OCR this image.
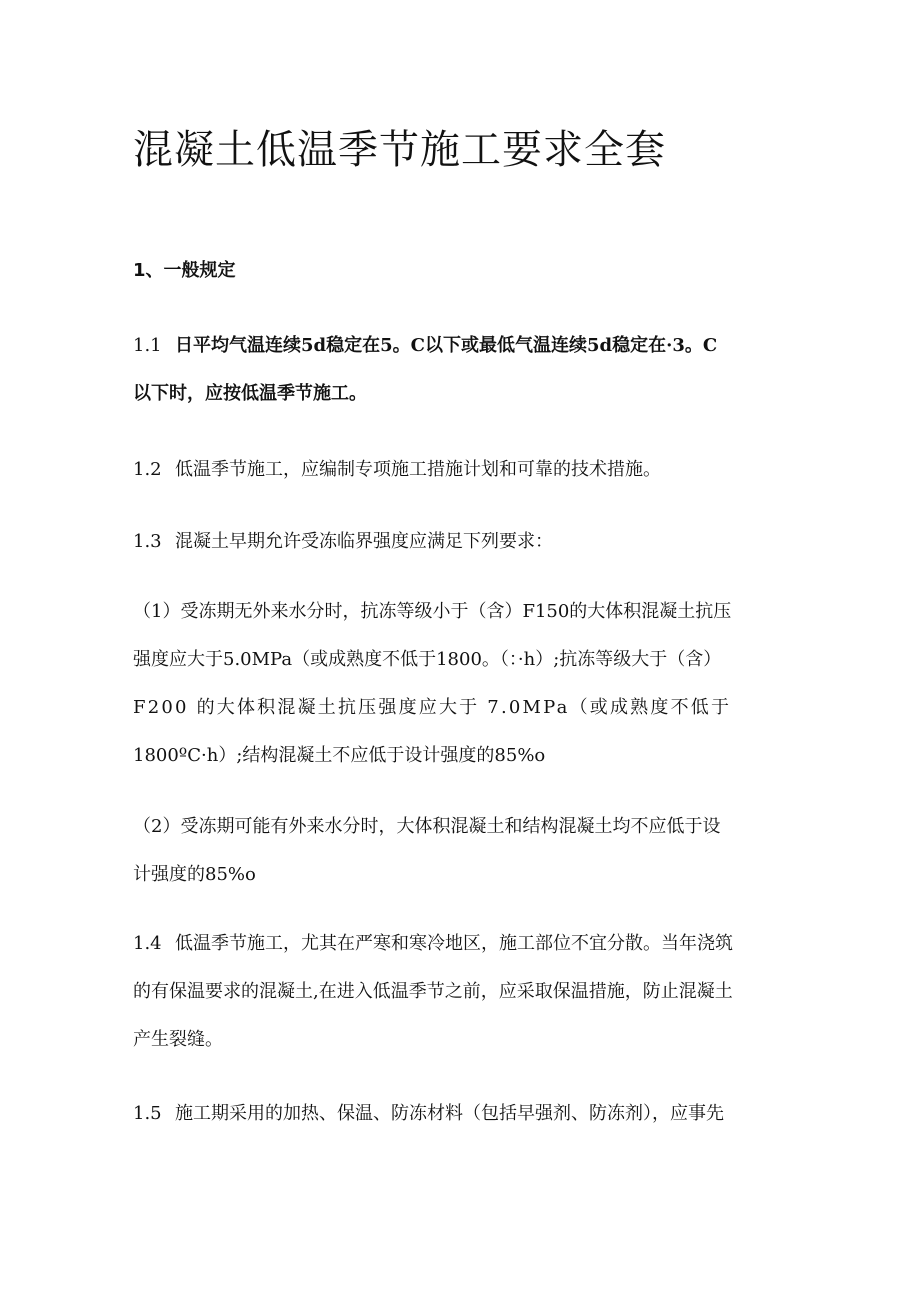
混凝土低温季节施工要求全套
1、一般规定

1.1 日平均气温连续5d稳定在5。C以下或最低气温连续5d稳定在·3。C
以下时，应按低温季节施工。

1.2 低温季节施工，应编制专项施工措施计划和可靠的技术措施。

1.3 混凝土早期允许受冻临界强度应满足下列要求：

（1）受冻期无外来水分时，抗冻等级小于（含）F150的大体积混凝土抗压
强度应大于5.0MPa（或成熟度不低于1800。（：·h）;抗冻等级大于（含）
F200 的大体积混凝土抗压强度应大于 7.0MPa（或成熟度不低于
1800ºC·h）;结构混凝土不应低于设计强度的85%o

（2）受冻期可能有外来水分时，大体积混凝土和结构混凝土均不应低于设
计强度的85%o

1.4 低温季节施工，尤其在严寒和寒冷地区，施工部位不宜分散。当年浇筑
的有保温要求的混凝土,在进入低温季节之前，应采取保温措施，防止混凝土
产生裂缝。

1.5 施工期采用的加热、保温、防冻材料（包括早强剂、防冻剂），应事先
